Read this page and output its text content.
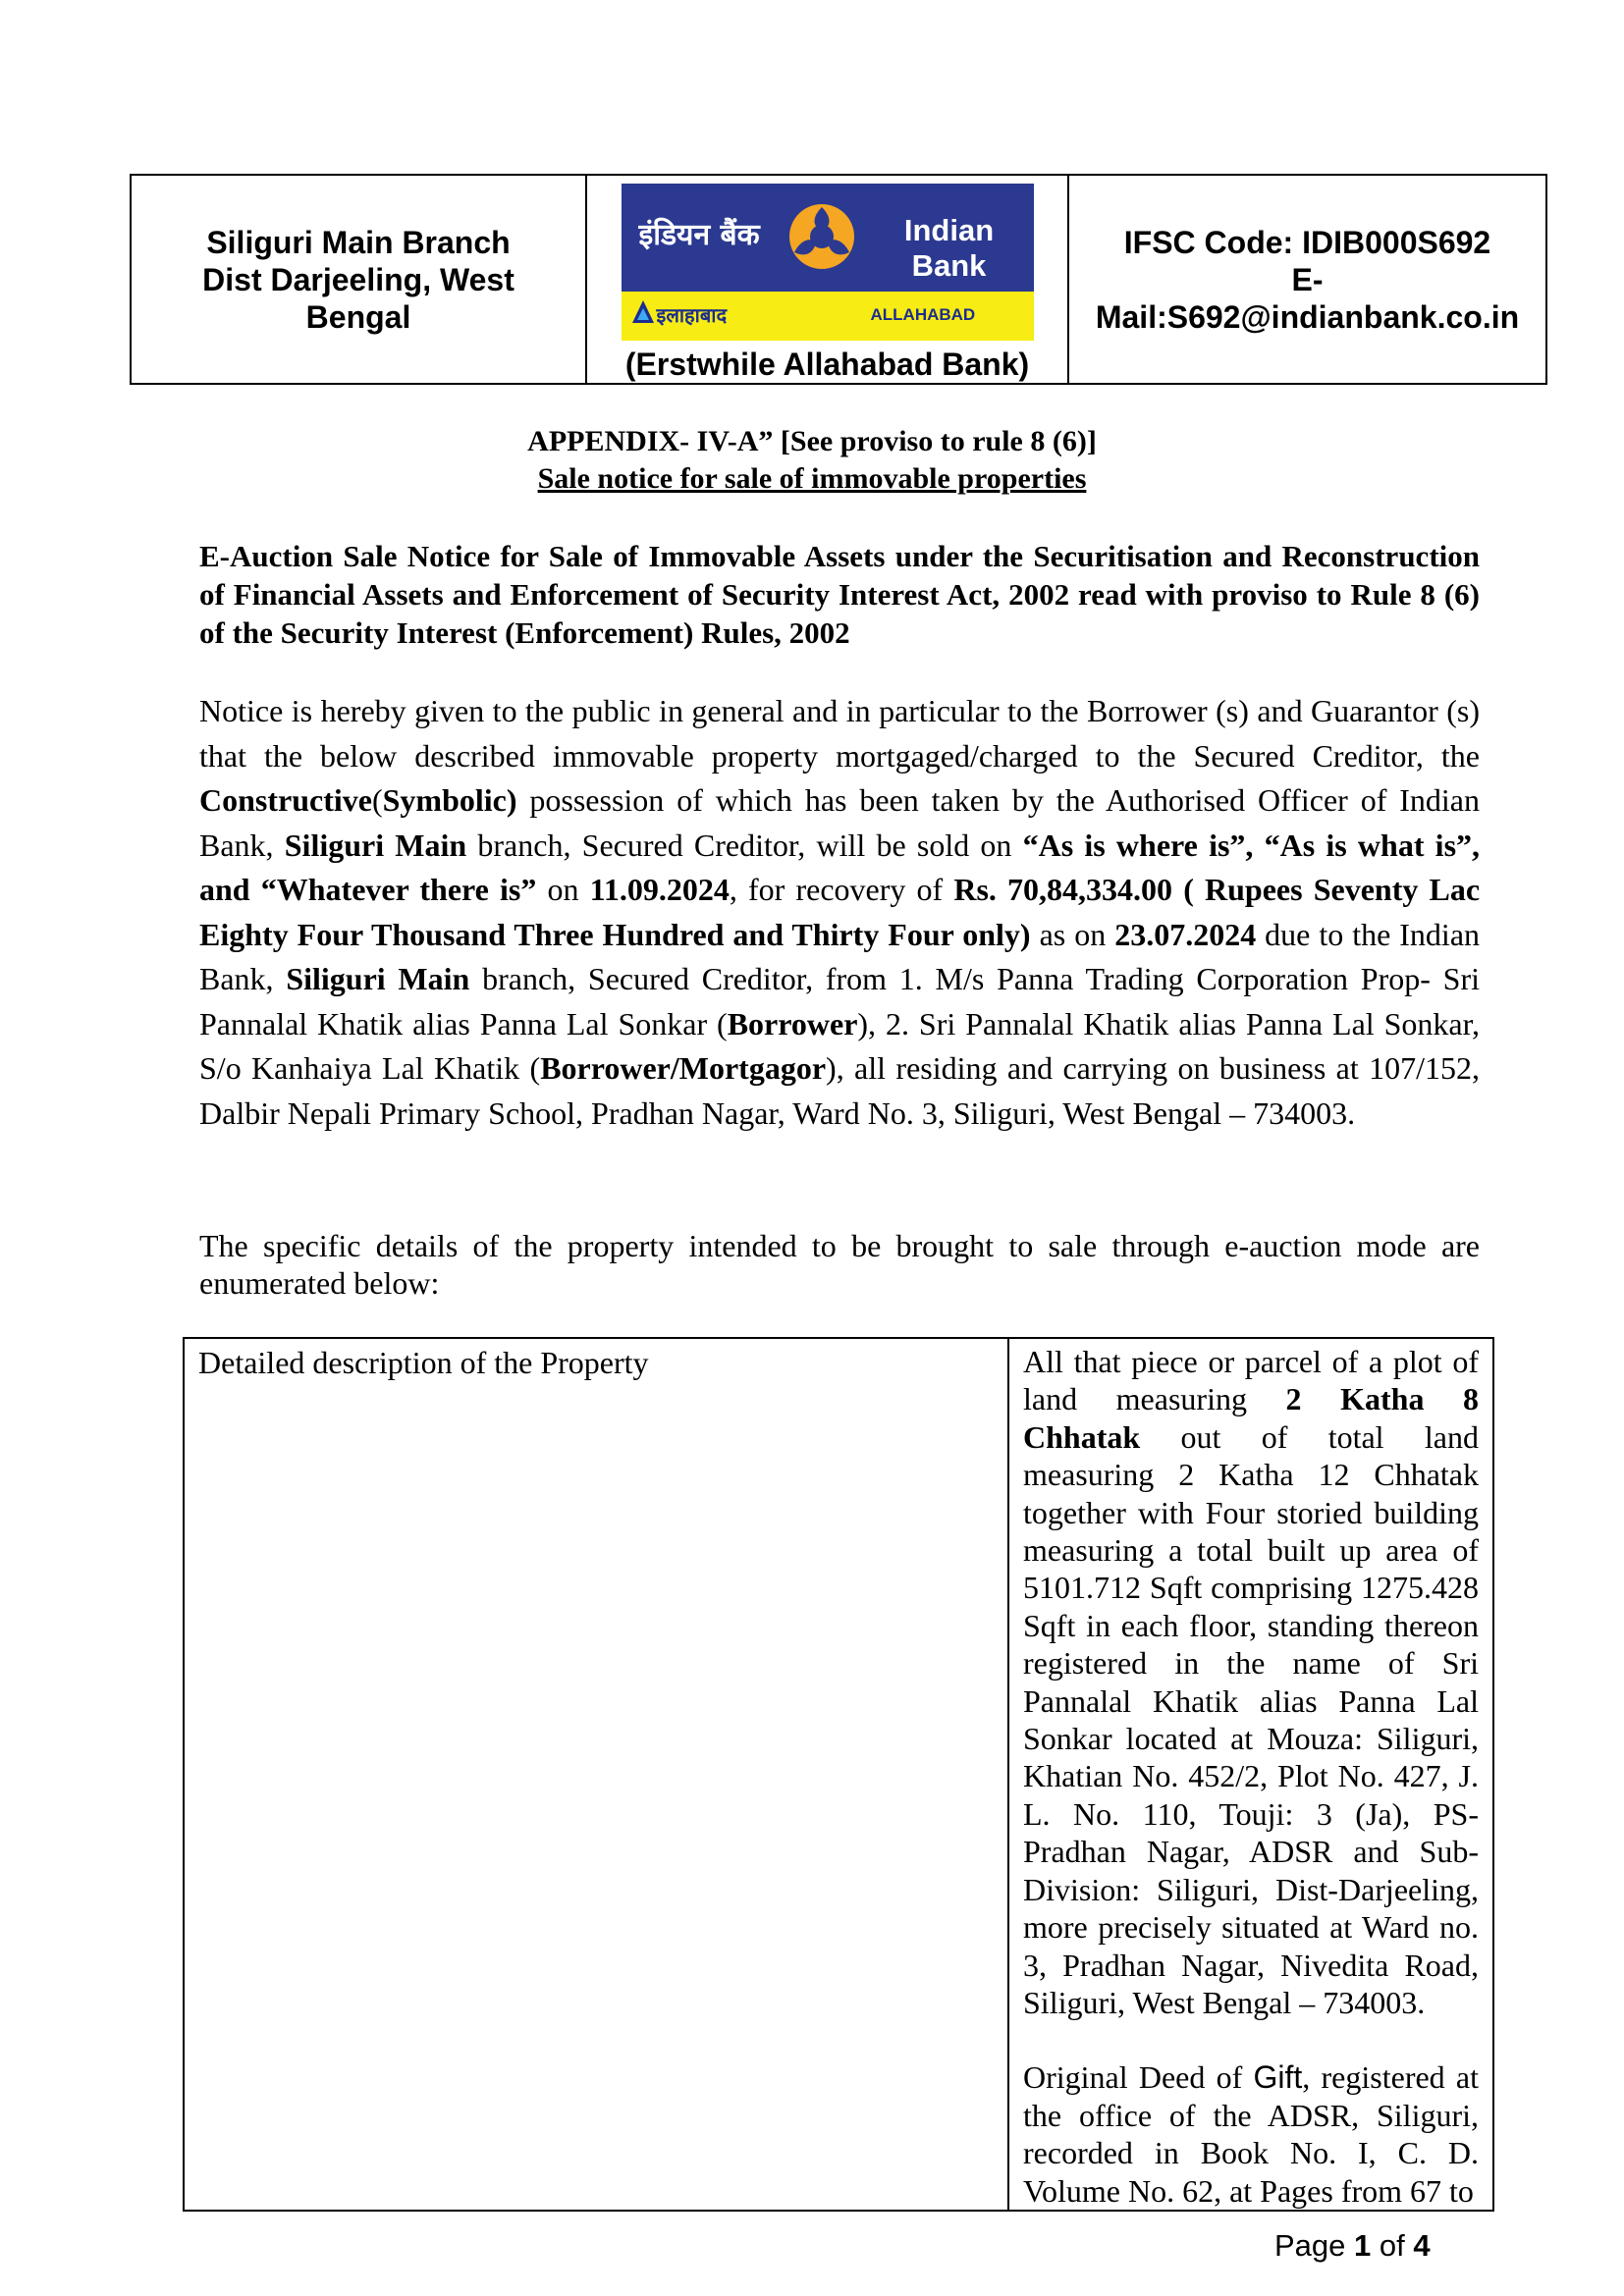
Siliguri Main Branch
Dist Darjeeling, West
Bengal

इंडियन बैंक	Indian Bank
इलाहाबाद	ALLAHABAD
(Erstwhile Allahabad Bank)

IFSC Code: IDIB000S692
E-
Mail:S692@indianbank.co.in
APPENDIX- IV-A” [See proviso to rule 8 (6)]
Sale notice for sale of immovable properties
E-Auction Sale Notice for Sale of Immovable Assets under the Securitisation and Reconstruction of Financial Assets and Enforcement of Security Interest Act, 2002 read with proviso to Rule 8 (6) of the Security Interest (Enforcement) Rules, 2002
Notice is hereby given to the public in general and in particular to the Borrower (s) and Guarantor (s) that the below described immovable property mortgaged/charged to the Secured Creditor, the Constructive(Symbolic) possession of which has been taken by the Authorised Officer of Indian Bank, Siliguri Main branch, Secured Creditor, will be sold on “As is where is”, “As is what is”, and “Whatever there is” on 11.09.2024, for recovery of Rs. 70,84,334.00 ( Rupees Seventy Lac Eighty Four Thousand Three Hundred and Thirty Four only) as on 23.07.2024 due to the Indian Bank, Siliguri Main branch, Secured Creditor, from 1. M/s Panna Trading Corporation Prop- Sri Pannalal Khatik alias Panna Lal Sonkar (Borrower), 2. Sri Pannalal Khatik alias Panna Lal Sonkar, S/o Kanhaiya Lal Khatik (Borrower/Mortgagor), all residing and carrying on business at 107/152, Dalbir Nepali Primary School, Pradhan Nagar, Ward No. 3, Siliguri, West Bengal – 734003.
The specific details of the property intended to be brought to sale through e-auction mode are enumerated below:
Detailed description of the Property	All that piece or parcel of a plot of land measuring 2 Katha 8 Chhatak out of total land measuring 2 Katha 12 Chhatak together with Four storied building measuring a total built up area of 5101.712 Sqft comprising 1275.428 Sqft in each floor, standing thereon registered in the name of Sri Pannalal Khatik alias Panna Lal Sonkar located at Mouza: Siliguri, Khatian No. 452/2, Plot No. 427, J. L. No. 110, Touji: 3 (Ja), PS- Pradhan Nagar, ADSR and Sub-Division: Siliguri, Dist-Darjeeling, more precisely situated at Ward no. 3, Pradhan Nagar, Nivedita Road, Siliguri, West Bengal – 734003.

Original Deed of Gift, registered at the office of the ADSR, Siliguri, recorded in Book No. I, C. D. Volume No. 62, at Pages from 67 to

Page 1 of 4
